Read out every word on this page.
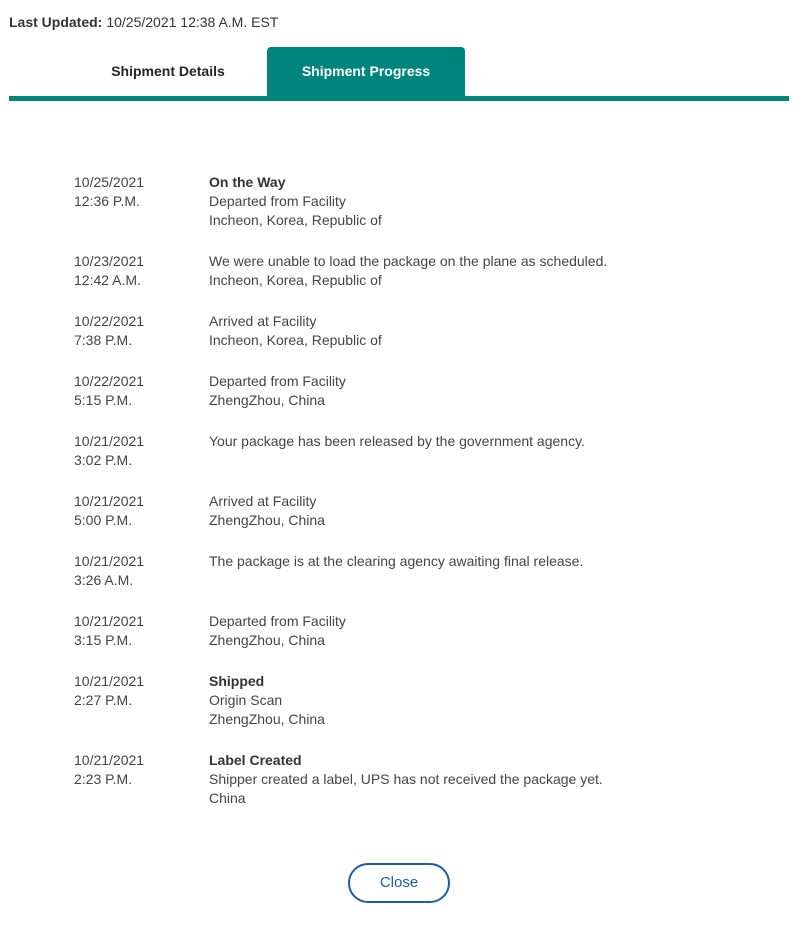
Last Updated: 10/25/2021 12:38 A.M. EST
Shipment Details	Shipment Progress
10/25/2021
12:36 P.M.
On the Way
Departed from Facility
Incheon, Korea, Republic of
10/23/2021
12:42 A.M.
We were unable to load the package on the plane as scheduled.
Incheon, Korea, Republic of
10/22/2021
7:38 P.M.
Arrived at Facility
Incheon, Korea, Republic of
10/22/2021
5:15 P.M.
Departed from Facility
ZhengZhou, China
10/21/2021
3:02 P.M.
Your package has been released by the government agency.
10/21/2021
5:00 P.M.
Arrived at Facility
ZhengZhou, China
10/21/2021
3:26 A.M.
The package is at the clearing agency awaiting final release.
10/21/2021
3:15 P.M.
Departed from Facility
ZhengZhou, China
10/21/2021
2:27 P.M.
Shipped
Origin Scan
ZhengZhou, China
10/21/2021
2:23 P.M.
Label Created
Shipper created a label, UPS has not received the package yet.
China
Close
